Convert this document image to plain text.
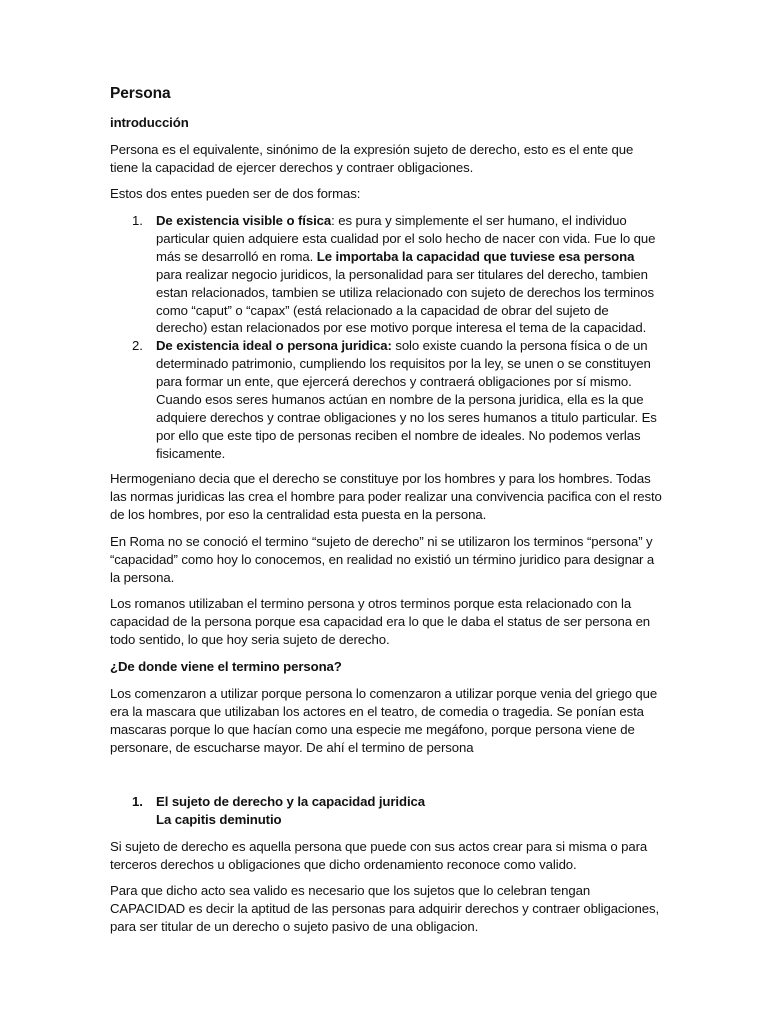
Persona

introducción

Persona es el equivalente, sinónimo de la expresión sujeto de derecho, esto es el ente que tiene la capacidad de ejercer derechos y contraer obligaciones.

Estos dos entes pueden ser de dos formas:

1. De existencia visible o física: es pura y simplemente el ser humano, el individuo particular quien adquiere esta cualidad por el solo hecho de nacer con vida. Fue lo que más se desarrolló en roma. Le importaba la capacidad que tuviese esa persona para realizar negocio juridicos, la personalidad para ser titulares del derecho, tambien estan relacionados, tambien se utiliza relacionado con sujeto de derechos los terminos como “caput” o “capax” (está relacionado a la capacidad de obrar del sujeto de derecho) estan relacionados por ese motivo porque interesa el tema de la capacidad.
2. De existencia ideal o persona juridica: solo existe cuando la persona física o de un determinado patrimonio, cumpliendo los requisitos por la ley, se unen o se constituyen para formar un ente, que ejercerá derechos y contraerá obligaciones por sí mismo. Cuando esos seres humanos actúan en nombre de la persona juridica, ella es la que adquiere derechos y contrae obligaciones y no los seres humanos a titulo particular. Es por ello que este tipo de personas reciben el nombre de ideales. No podemos verlas fisicamente.

Hermogeniano decia que el derecho se constituye por los hombres y para los hombres. Todas las normas juridicas las crea el hombre para poder realizar una convivencia pacifica con el resto de los hombres, por eso la centralidad esta puesta en la persona.

En Roma no se conoció el termino “sujeto de derecho” ni se utilizaron los terminos “persona” y “capacidad” como hoy lo conocemos, en realidad no existió un término juridico para designar a la persona.

Los romanos utilizaban el termino persona y otros terminos porque esta relacionado con la capacidad de la persona porque esa capacidad era lo que le daba el status de ser persona en todo sentido, lo que hoy seria sujeto de derecho.

¿De donde viene el termino persona?

Los comenzaron a utilizar porque persona lo comenzaron a utilizar porque venia del griego que era la mascara que utilizaban los actores en el teatro, de comedia o tragedia. Se ponían esta mascaras porque lo que hacían como una especie me megáfono, porque persona viene de personare, de escucharse mayor. De ahí el termino de persona

1. El sujeto de derecho y la capacidad juridica
La capitis deminutio

Si sujeto de derecho es aquella persona que puede con sus actos crear para si misma o para terceros derechos u obligaciones que dicho ordenamiento reconoce como valido.

Para que dicho acto sea valido es necesario que los sujetos que lo celebran tengan CAPACIDAD es decir la aptitud de las personas para adquirir derechos y contraer obligaciones, para ser titular de un derecho o sujeto pasivo de una obligacion.
